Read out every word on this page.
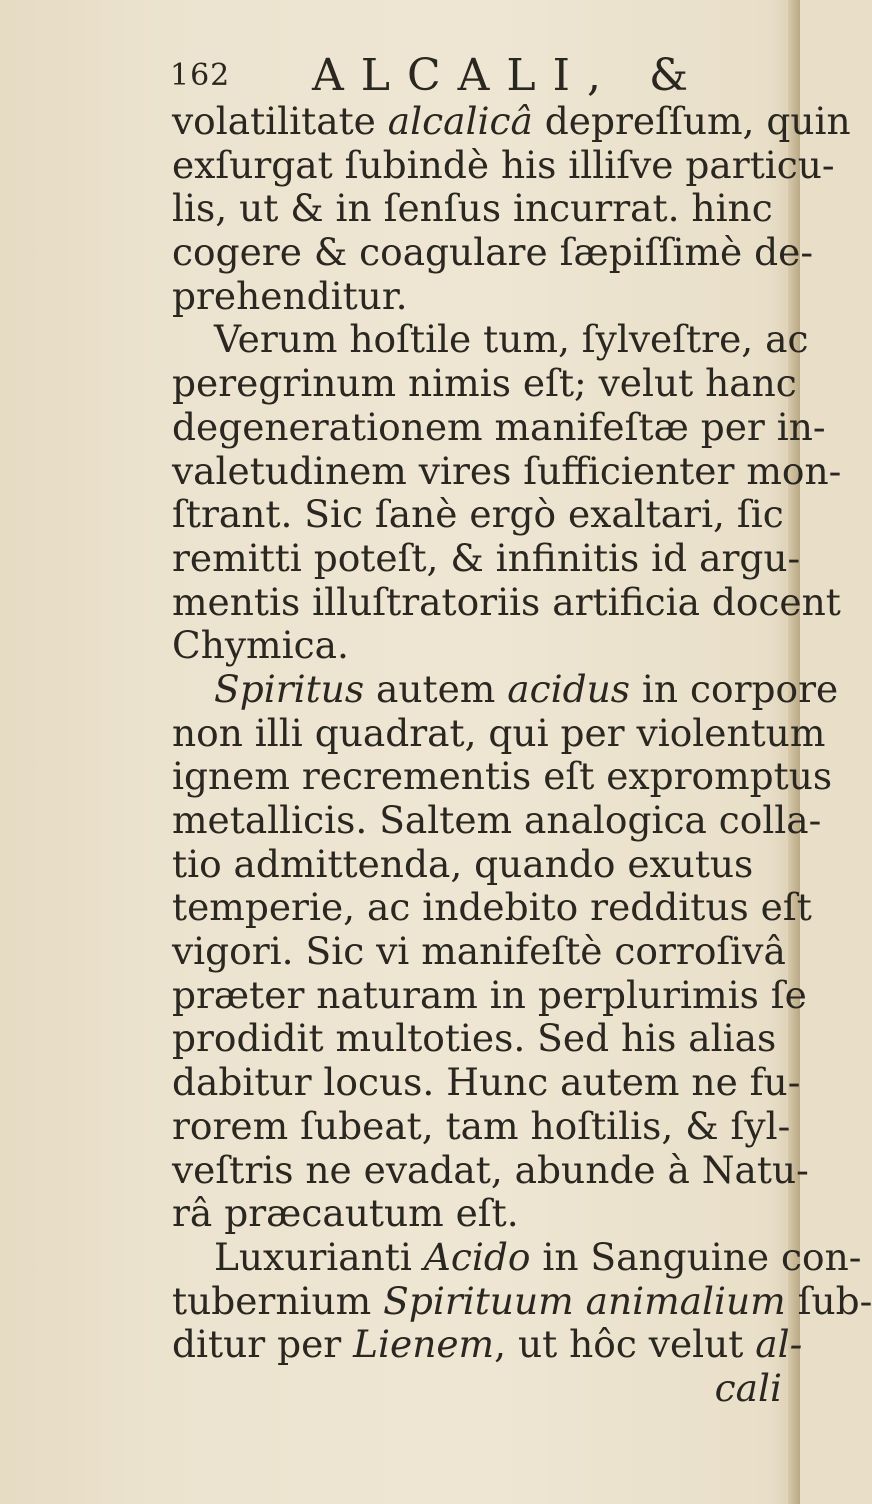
162 ALCALI, &
volatilitate alcalicâ depreſſum, quin
exſurgat ſubindè his illiſve particu-
lis, ut & in ſenſus incurrat. hinc
cogere & coagulare ſæpiſſimè de-
prehenditur.
Verum hoſtile tum, ſylveſtre, ac
peregrinum nimis eſt; velut hanc
degenerationem manifeſtæ per in-
valetudinem vires ſufficienter mon-
ſtrant. Sic ſanè ergò exaltari, ſic
remitti poteſt, & infinitis id argu-
mentis illuſtratoriis artificia docent
Chymica.
Spiritus autem acidus in corpore
non illi quadrat, qui per violentum
ignem recrementis eſt expromptus
metallicis. Saltem analogica colla-
tio admittenda, quando exutus
temperie, ac indebito redditus eſt
vigori. Sic vi manifeſtè corroſivâ
præter naturam in perplurimis ſe
prodidit multoties. Sed his alias
dabitur locus. Hunc autem ne fu-
rorem ſubeat, tam hoſtilis, & ſyl-
veſtris ne evadat, abunde à Natu-
râ præcautum eſt.
Luxurianti Acido in Sanguine con-
tubernium Spirituum animalium ſub-
ditur per Lienem, ut hôc velut al-
cali
